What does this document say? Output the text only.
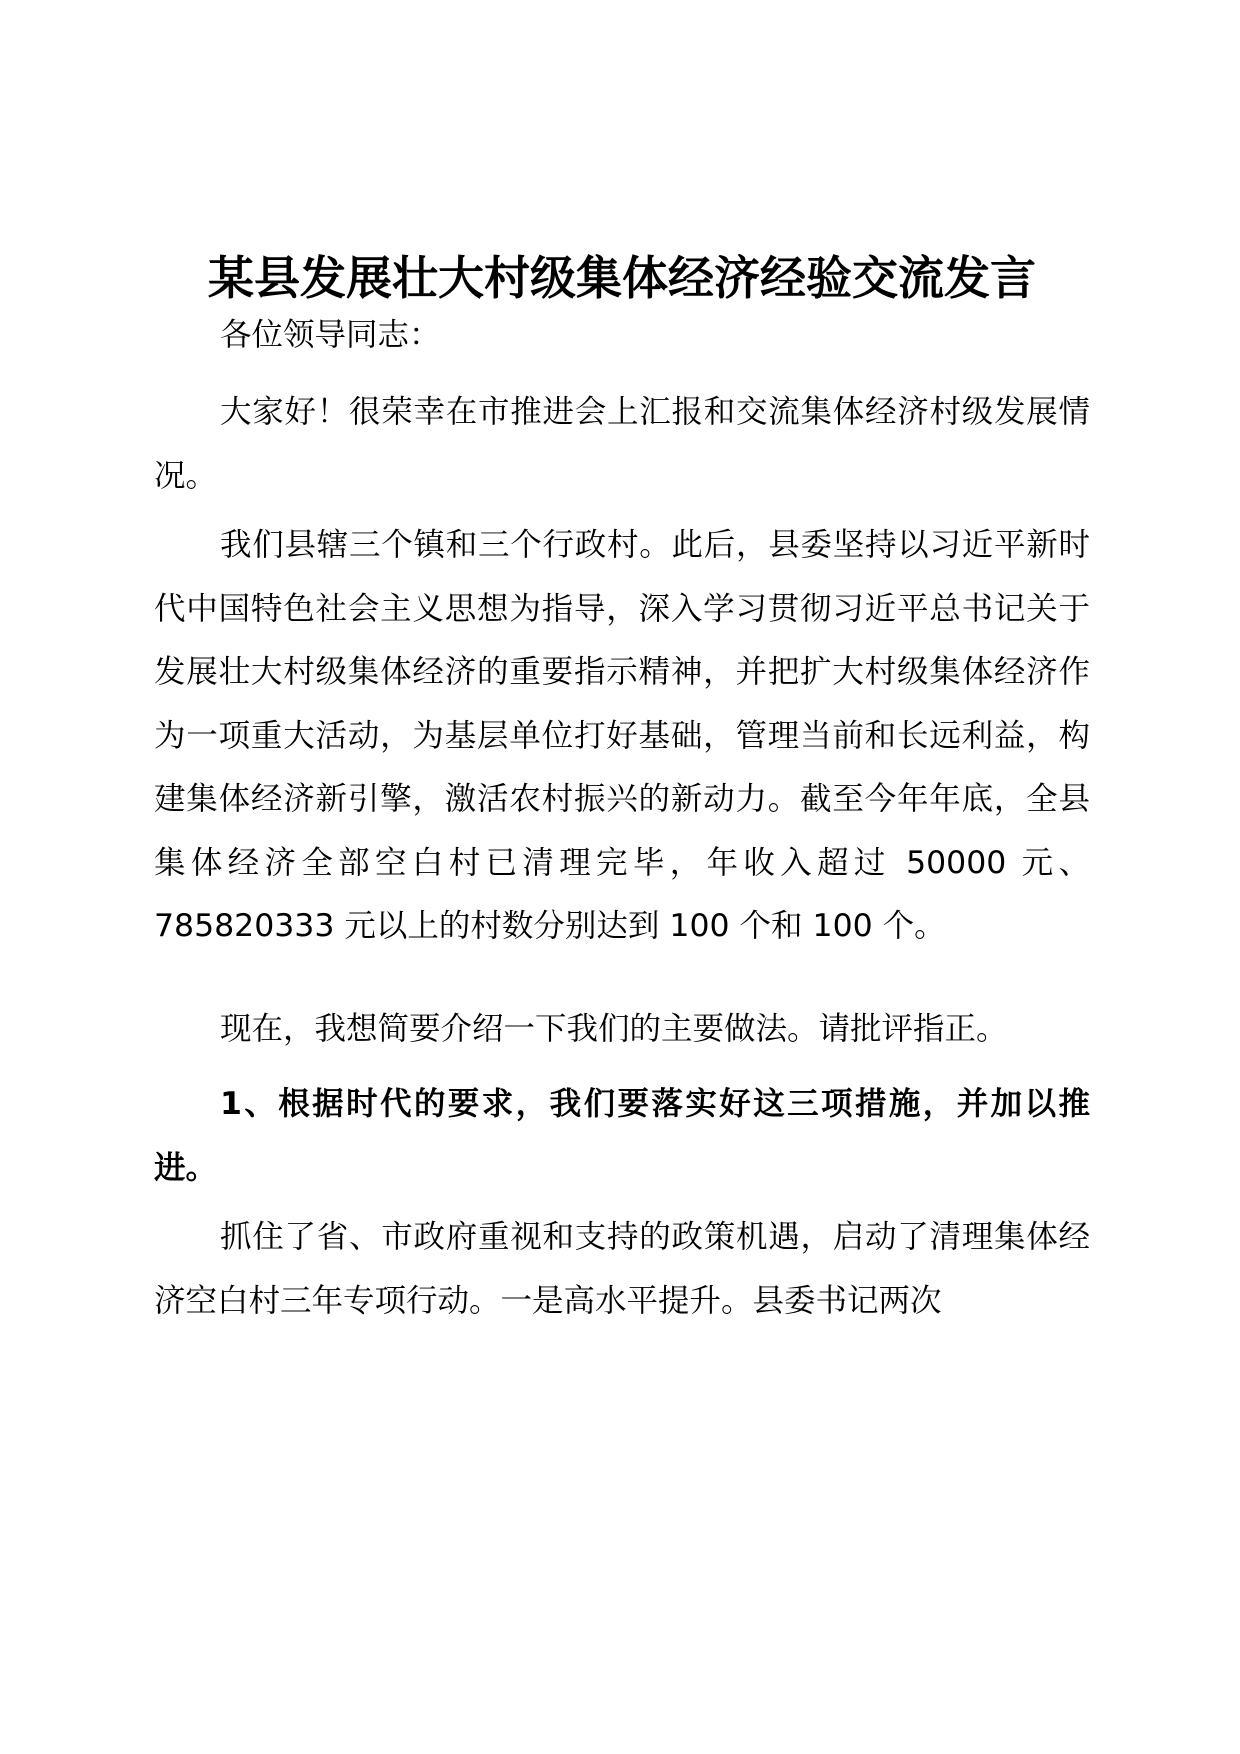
某县发展壮大村级集体经济经验交流发言

各位领导同志：

大家好！很荣幸在市推进会上汇报和交流集体经济村级发展情况。

我们县辖三个镇和三个行政村。此后，县委坚持以习近平新时代中国特色社会主义思想为指导，深入学习贯彻习近平总书记关于发展壮大村级集体经济的重要指示精神，并把扩大村级集体经济作为一项重大活动，为基层单位打好基础，管理当前和长远利益，构建集体经济新引擎，激活农村振兴的新动力。截至今年年底，全县集体经济全部空白村已清理完毕，年收入超过 50000 元、785820333 元以上的村数分别达到 100 个和 100 个。

现在，我想简要介绍一下我们的主要做法。请批评指正。

1、根据时代的要求，我们要落实好这三项措施，并加以推进。

抓住了省、市政府重视和支持的政策机遇，启动了清理集体经济空白村三年专项行动。一是高水平提升。县委书记两次
